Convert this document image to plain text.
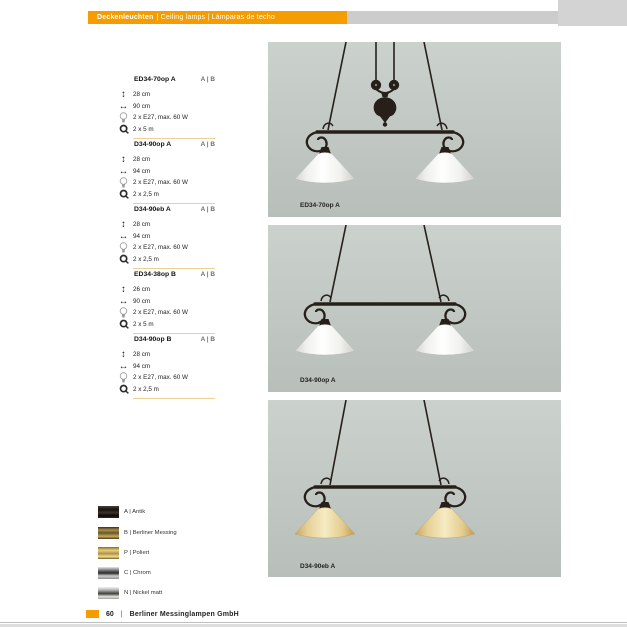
Deckenleuchten | Ceiling lamps | Lámparas de techo
ED34-70op A	A | B
↕	28 cm
↔ 90 cm
2 x E27, max. 60 W
2 x 5 m
D34-90op A	A | B
↕	28 cm
↔ 94 cm
2 x E27, max. 60 W
2 x 2,5 m
D34-90eb A	A | B
↕	28 cm
↔ 94 cm
2 x E27, max. 60 W
2 x 2,5 m
ED34-38op B	A | B
↕	26 cm
↔ 90 cm
2 x E27, max. 60 W
2 x 5 m
D34-90op B	A | B
↕	28 cm
↔ 94 cm
2 x E27, max. 60 W
2 x 2,5 m
ED34-70op A
D34-90op A
D34-90eb A
A | Antik
B | Berliner Messing
P | Poliert
C | Chrom
N | Nickel matt
60 | Berliner Messinglampen GmbH
